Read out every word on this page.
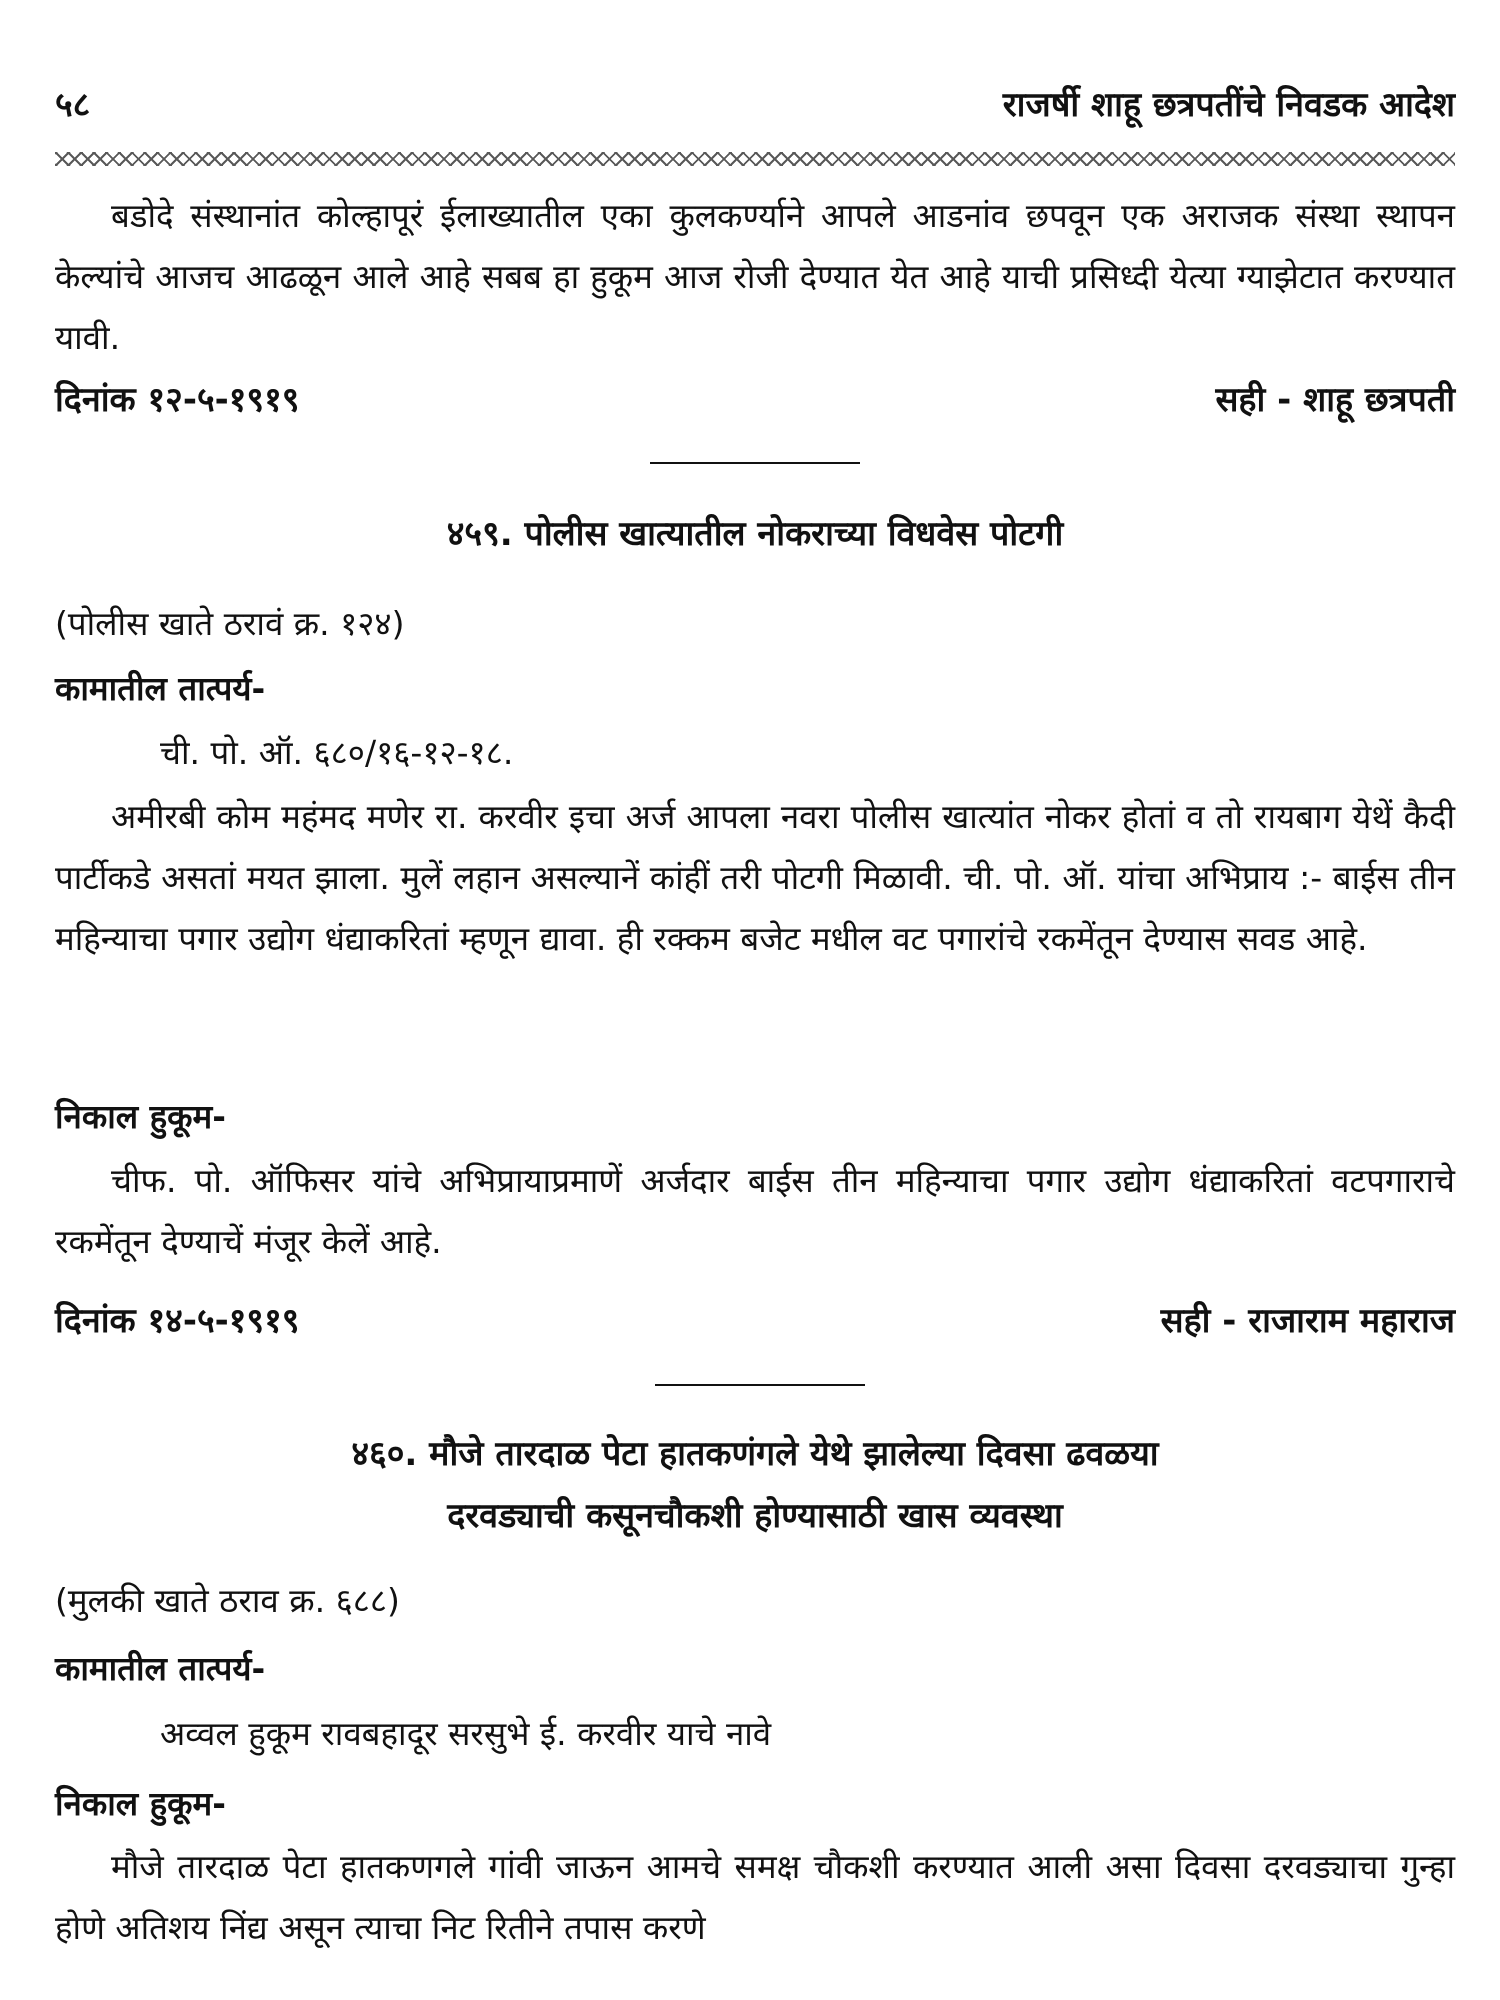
५८	राजर्षी शाहू छत्रपतींचे निवडक आदेश
बडोदे संस्थानांत कोल्हापूरं ईलाख्यातील एका कुलकर्ण्याने आपले आडनांव छपवून एक अराजक संस्था स्थापन केल्यांचे आजच आढळून आले आहे सबब हा हुकूम आज रोजी देण्यात येत आहे याची प्रसिध्दी येत्या ग्याझेटात करण्यात यावी.
दिनांक १२-५-१९१९	सही - शाहू छत्रपती
४५९. पोलीस खात्यातील नोकराच्या विधवेस पोटगी
(पोलीस खाते ठरावं क्र. १२४)
कामातील तात्पर्य-
ची. पो. ऑ. ६८०/१६-१२-१८.
अमीरबी कोम महंमद मणेर रा. करवीर इचा अर्ज आपला नवरा पोलीस खात्यांत नोकर होतां व तो रायबाग येथें कैदी पार्टीकडे असतां मयत झाला. मुलें लहान असल्यानें कांहीं तरी पोटगी मिळावी. ची. पो. ऑ. यांचा अभिप्राय :- बाईस तीन महिन्याचा पगार उद्योग धंद्याकरितां म्हणून द्यावा. ही रक्कम बजेट मधील वट पगारांचे रकमेंतून देण्यास सवड आहे.
निकाल हुकूम-
चीफ. पो. ऑफिसर यांचे अभिप्रायाप्रमाणें अर्जदार बाईस तीन महिन्याचा पगार उद्योग धंद्याकरितां वटपगाराचे रकमेंतून देण्याचें मंजूर केलें आहे.
दिनांक १४-५-१९१९	सही - राजाराम महाराज
४६०. मौजे तारदाळ पेटा हातकणंगले येथे झालेल्या दिवसा ढवळया
दरवड्याची कसूनचौकशी होण्यासाठी खास व्यवस्था
(मुलकी खाते ठराव क्र. ६८८)
कामातील तात्पर्य-
अव्वल हुकूम रावबहादूर सरसुभे ई. करवीर याचे नावे
निकाल हुकूम-
मौजे तारदाळ पेटा हातकणगले गांवी जाऊन आमचे समक्ष चौकशी करण्यात आली असा दिवसा दरवड्याचा गुन्हा होणे अतिशय निंद्य असून त्याचा निट रितीने तपास करणे
